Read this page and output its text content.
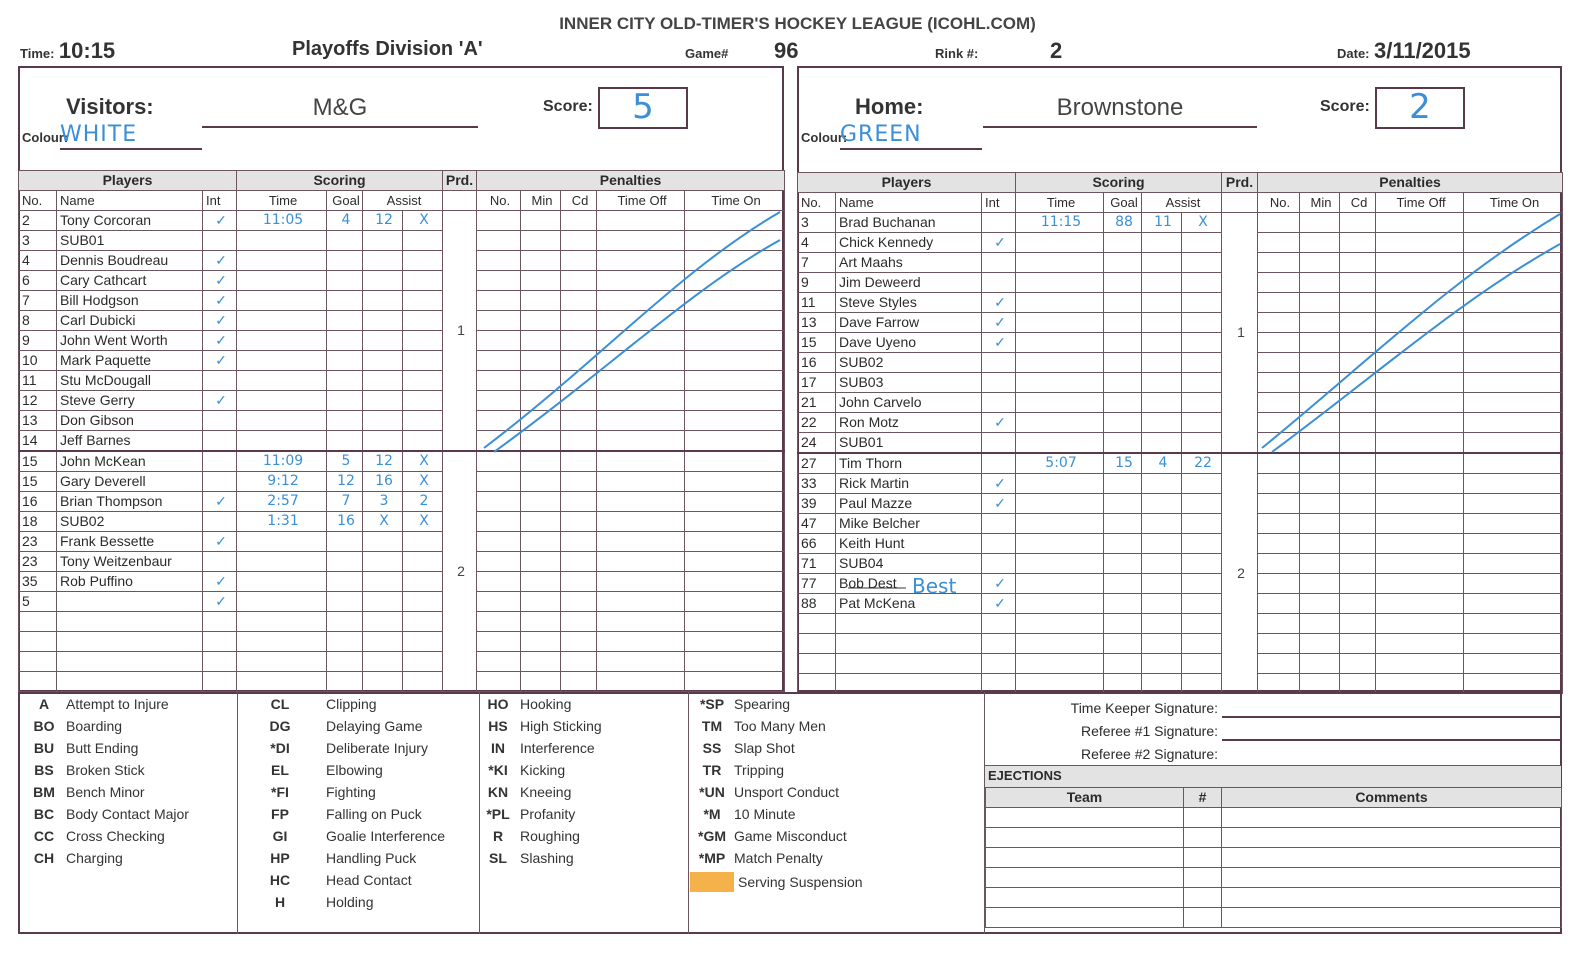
INNER CITY OLD-TIMER'S HOCKEY LEAGUE (ICOHL.COM)
Time: 10:15	Playoffs Division 'A'	Game# 96	Rink #:	2	Date: 3/11/2015
Visitors:	M&G	Score:	5
Colour:
WHITE
Players			Scoring				Prd.	Penalties				
No.	Name	Int	Time	Goal	Assist			No.	Min	Cd	Time Off	Time On
2	Tony Corcoran	✓	11:05	4	12	X	1					
3	SUB01											
4	Dennis Boudreau	✓										
6	Cary Cathcart	✓										
7	Bill Hodgson	✓										
8	Carl Dubicki	✓										
9	John Went Worth	✓										
10	Mark Paquette	✓										
11	Stu McDougall											
12	Steve Gerry	✓										
13	Don Gibson											
14	Jeff Barnes											
15	John McKean		11:09	5	12	X	2					
15	Gary Deverell		9:12	12	16	X						
16	Brian Thompson	✓	2:57	7	3	2						
18	SUB02		1:31	16	X	X						
23	Frank Bessette	✓										
23	Tony Weitzenbaur											
35	Rob Puffino	✓										
5		✓										

Home:	Brownstone	Score:	2
Colour:
GREEN
Players			Scoring				Prd.	Penalties				
No.	Name	Int	Time	Goal	Assist			No.	Min	Cd	Time Off	Time On
3	Brad Buchanan		11:15	88	11	X	1					
4	Chick Kennedy	✓										
7	Art Maahs											
9	Jim Deweerd											
11	Steve Styles	✓										
13	Dave Farrow	✓										
15	Dave Uyeno	✓										
16	SUB02											
17	SUB03											
21	John Carvelo											
22	Ron Motz	✓										
24	SUB01											
27	Tim Thorn		5:07	15	4	22	2					
33	Rick Martin	✓										
39	Paul Mazze	✓										
47	Mike Belcher											
66	Keith Hunt											
71	SUB04											
77	Bob Dest	✓										
88	Pat McKena	✓										

Best
A Attempt to Injure
BO Boarding
BU Butt Ending
BS Broken Stick
BM Bench Minor
BC Body Contact Major
CC Cross Checking
CH Charging
CL	Clipping
DG	Delaying Game
*DI	Deliberate Injury
EL	Elbowing
*FI	Fighting
FP	Falling on Puck
GI	Goalie Interference
HP	Handling Puck
HC	Head Contact
H	Holding
HO Hooking
HS High Sticking
IN Interference
*KI Kicking
KN Kneeing
*PL Profanity
R Roughing
SL Slashing
*SP Spearing
TM Too Many Men
SS Slap Shot
TR Tripping
*UN Unsport Conduct
*M 10 Minute
*GM Game Misconduct
*MP Match Penalty
Serving Suspension
Time Keeper Signature:
Referee #1 Signature:
Referee #2 Signature:
EJECTIONS
Team	#	Comments
